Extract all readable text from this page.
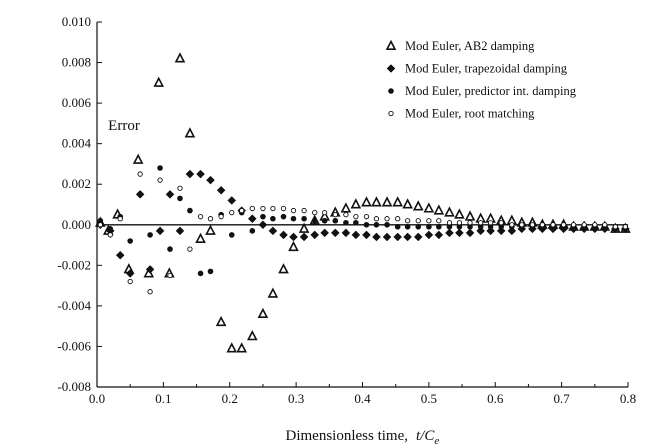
0.0	0.1	0.2	0.3	0.4	0.5	0.6	0.7	0.8
-0.008
-0.006
-0.004
-0.002
0.000
0.002
0.004
0.006
0.008
0.010
Mod Euler, AB2 damping
Mod Euler, trapezoidal damping
Mod Euler, predictor int. damping
Mod Euler, root matching
Error
Dimensionless time, $t/C_e$
